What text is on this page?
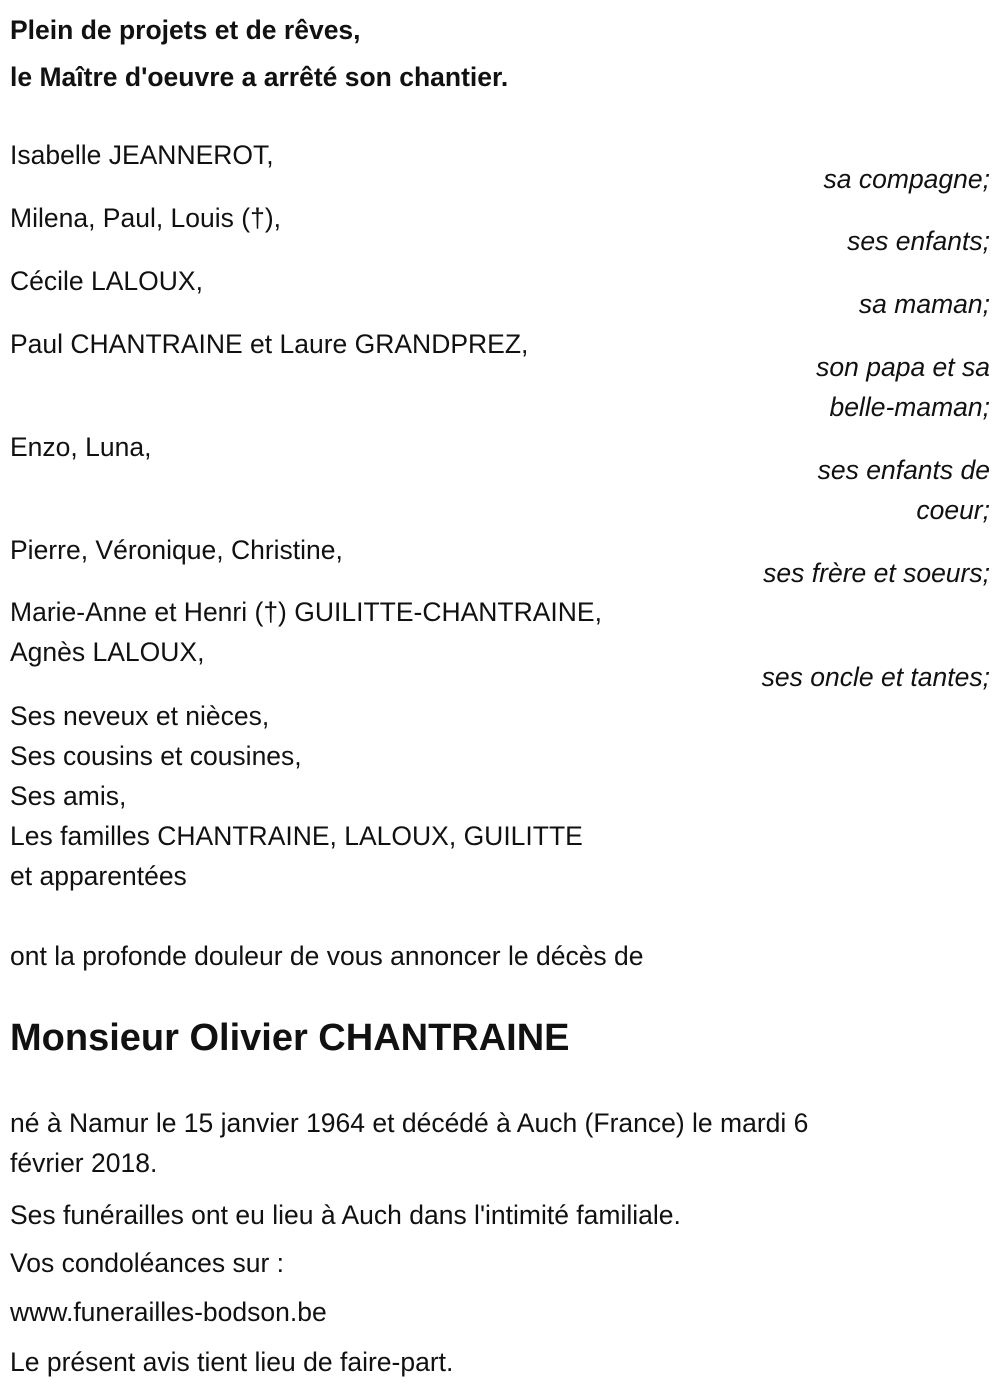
Plein de projets et de rêves,
le Maître d'oeuvre a arrêté son chantier.
Isabelle JEANNEROT,
sa compagne;
Milena, Paul, Louis (†),
ses enfants;
Cécile LALOUX,
sa maman;
Paul CHANTRAINE et Laure GRANDPREZ,
son papa et sa
belle-maman;
Enzo, Luna,
ses enfants de
coeur;
Pierre, Véronique, Christine,
ses frère et soeurs;
Marie-Anne et Henri (†) GUILITTE-CHANTRAINE,
Agnès LALOUX,
ses oncle et tantes;
Ses neveux et nièces,
Ses cousins et cousines,
Ses amis,
Les familles CHANTRAINE, LALOUX, GUILITTE
et apparentées
ont la profonde douleur de vous annoncer le décès de
Monsieur Olivier CHANTRAINE
né à Namur le 15 janvier 1964 et décédé à Auch (France) le mardi 6
février 2018.
Ses funérailles ont eu lieu à Auch dans l'intimité familiale.
Vos condoléances sur :
www.funerailles-bodson.be
Le présent avis tient lieu de faire-part.
